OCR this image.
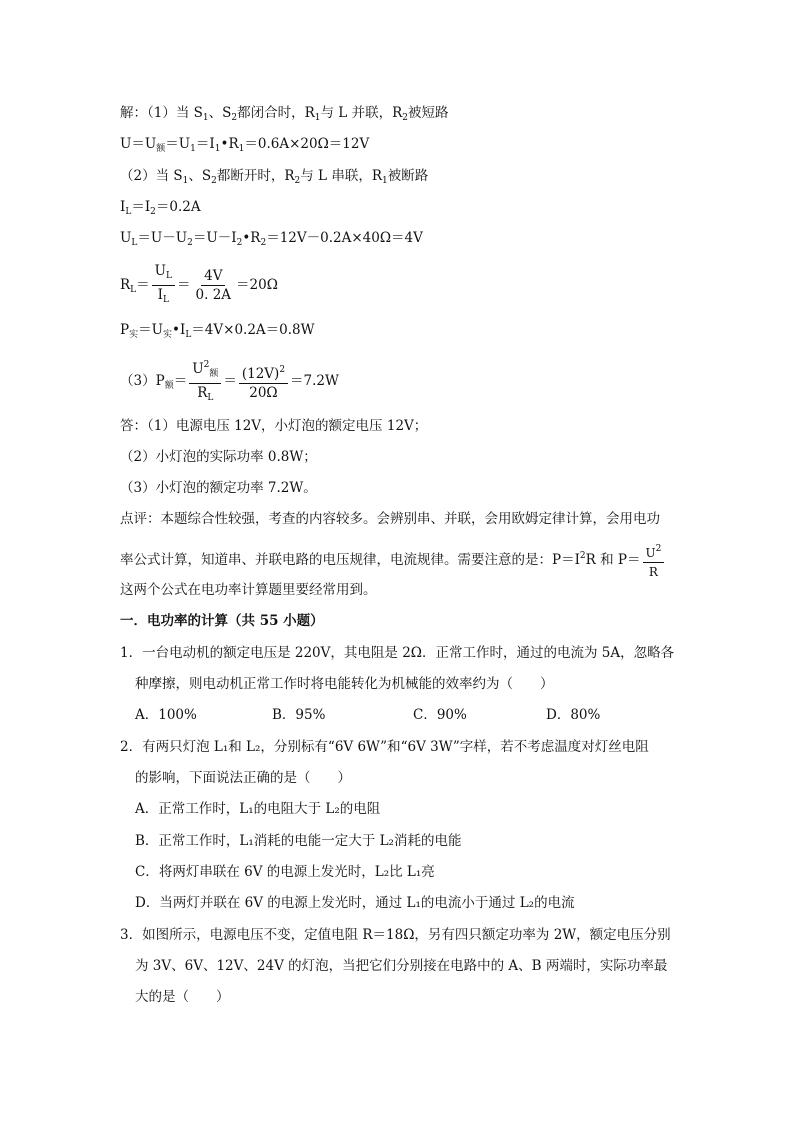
解：（1）当 $S_1$、$S_2$都闭合时，$R_1$与 L 并联，$R_2$被短路
$U=U_额=U_1=I_1•R_1=0.6A\times 20\Omega=12V$
（2）当 $S_1$、$S_2$都断开时，$R_2$与 L 串联，$R_1$被断路
$I_L=I_2=0.2A$
$U_L=U-U_2=U-I_2•R_2=12V-0.2A\times 40\Omega=4V$
$R_L= \frac{U_L}{I_L} = \frac{4V}{0. 2A} =20\Omega$
$P_实=U_实•I_L=4V\times 0.2A=0.8W$
$(3)P_额= \frac{U^2_额}{R_L} = \frac{(12V)^2}{20\Omega} =7.2W$
答：（1）电源电压 12V，小灯泡的额定电压 12V；
（2）小灯泡的实际功率 0.8W；
（3）小灯泡的额定功率 7.2W。
点评：本题综合性较强，考查的内容较多。会辨别串、并联，会用欧姆定律计算，会用电功
率公式计算，知道串、并联电路的电压规律，电流规律。需要注意的是：$P=I^2R$ 和 $P= \frac{U^2}{R}$
这两个公式在电功率计算题里要经常用到。
一．电功率的计算（共 55 小题）
1．一台电动机的额定电压是 220V，其电阻是 2Ω．正常工作时，通过的电流为 5A，忽略各
种摩擦，则电动机正常工作时将电能转化为机械能的效率约为（　　）
A．100%	B．95%	C．90%	D．80%
2．有两只灯泡 L₁和 L₂，分别标有“6V 6W”和“6V 3W”字样，若不考虑温度对灯丝电阻
的影响，下面说法正确的是（　　）
A．正常工作时，L₁的电阻大于 L₂的电阻
B．正常工作时，L₁消耗的电能一定大于 L₂消耗的电能
C．将两灯串联在 6V 的电源上发光时，L₂比 L₁亮
D．当两灯并联在 6V 的电源上发光时，通过 L₁的电流小于通过 L₂的电流
3．如图所示，电源电压不变，定值电阻 R＝18Ω，另有四只额定功率为 2W，额定电压分别
为 3V、6V、12V、24V 的灯泡，当把它们分别接在电路中的 A、B 两端时，实际功率最
大的是（　　）
